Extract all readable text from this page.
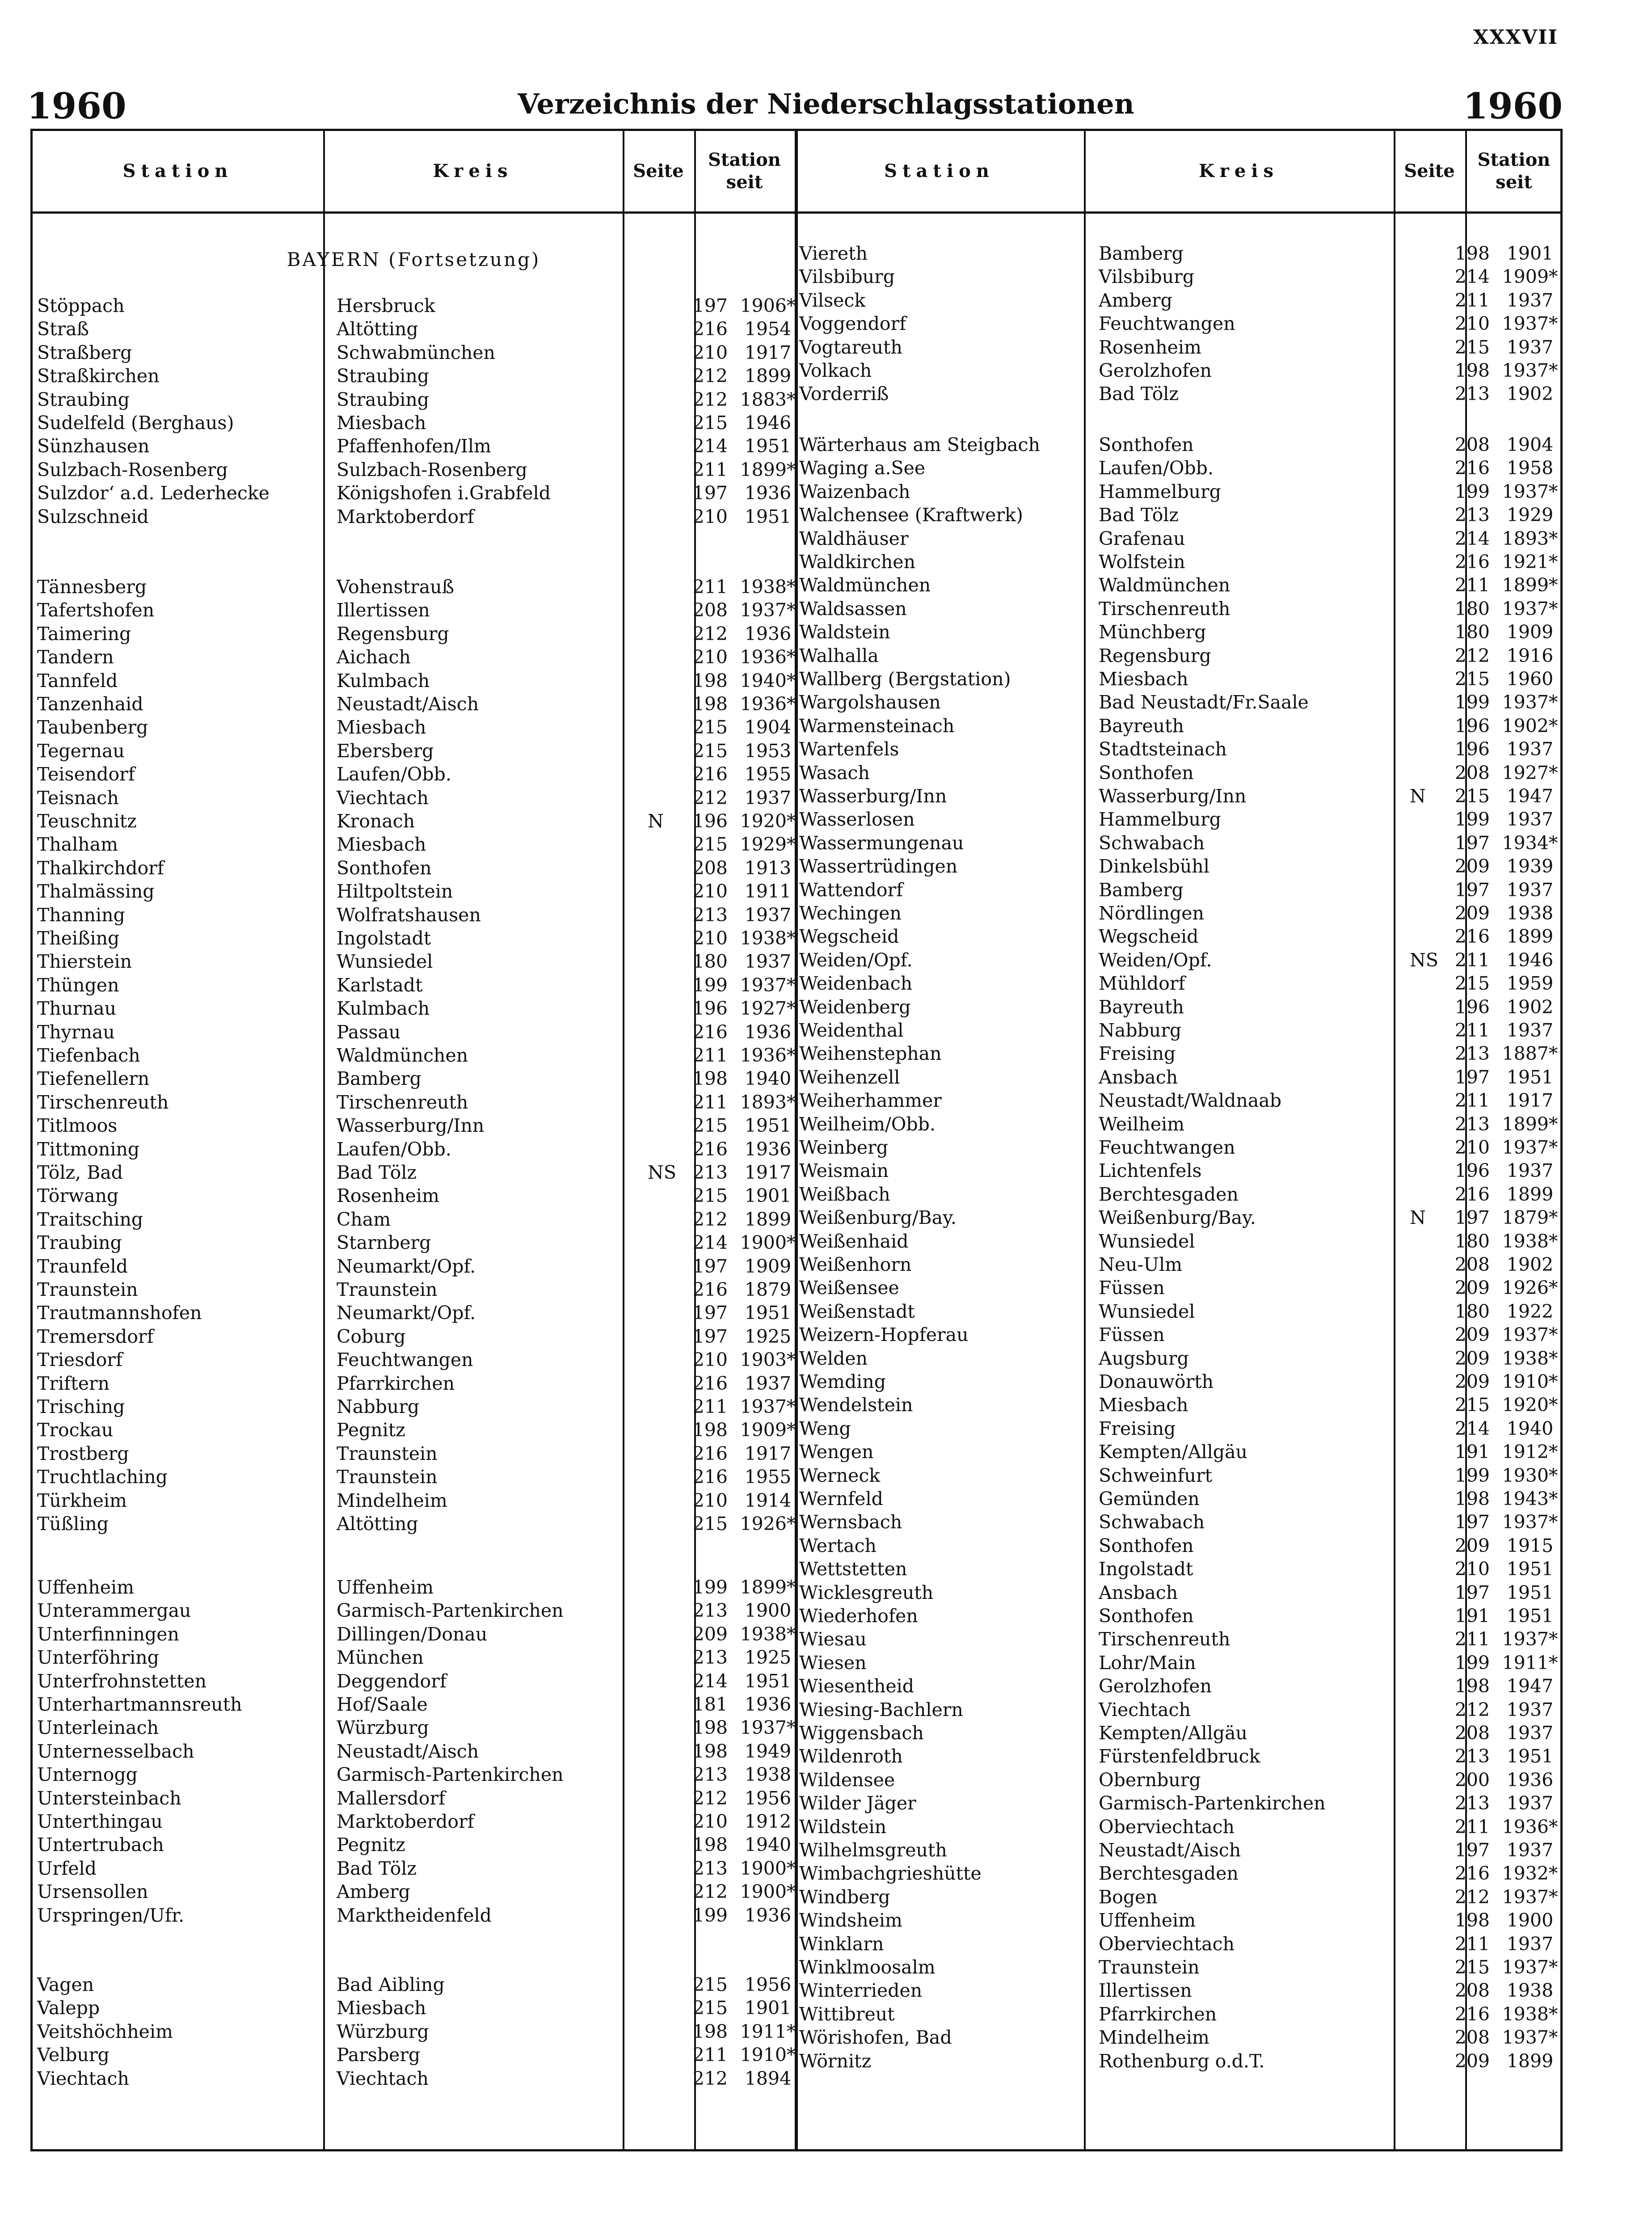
XXXVII
1960	Verzeichnis der Niederschlagsstationen	1960
Station	Kreis	Seite
Station
seit
Station	Kreis	Seite
Station
seit
BAYERN (Fortsetzung)
Stöppach	Hersbruck	197 1906*
Straß	Altötting	216 1954
Straßberg	Schwabmünchen	210 1917
Straßkirchen	Straubing	212 1899
Straubing	Straubing	212 1883*
Sudelfeld (Berghaus)	Miesbach	215 1946
Sünzhausen	Pfaffenhofen/Ilm	214 1951
Sulzbach-Rosenberg	Sulzbach-Rosenberg	211 1899*
Sulzdor‘ a.d. Lederhecke	Königshofen i.Grabfeld	197 1936
Sulzschneid	Marktoberdorf	210 1951
Tännesberg	Vohenstrauß	211 1938*
Tafertshofen	Illertissen	208 1937*
Taimering	Regensburg	212 1936
Tandern	Aichach	210 1936*
Tannfeld	Kulmbach	198 1940*
Tanzenhaid	Neustadt/Aisch	198 1936*
Taubenberg	Miesbach	215 1904
Tegernau	Ebersberg	215 1953
Teisendorf	Laufen/Obb.	216 1955
Teisnach	Viechtach	212 1937
Teuschnitz	Kronach	N	196 1920*
Thalham	Miesbach	215 1929*
Thalkirchdorf	Sonthofen	208 1913
Thalmässing	Hiltpoltstein	210 1911
Thanning	Wolfratshausen	213 1937
Theißing	Ingolstadt	210 1938*
Thierstein	Wunsiedel	180 1937
Thüngen	Karlstadt	199 1937*
Thurnau	Kulmbach	196 1927*
Thyrnau	Passau	216 1936
Tiefenbach	Waldmünchen	211 1936*
Tiefenellern	Bamberg	198 1940
Tirschenreuth	Tirschenreuth	211 1893*
Titlmoos	Wasserburg/Inn	215 1951
Tittmoning	Laufen/Obb.	216 1936
Tölz, Bad	Bad Tölz	NS 213 1917
Törwang	Rosenheim	215 1901
Traitsching	Cham	212 1899
Traubing	Starnberg	214 1900*
Traunfeld	Neumarkt/Opf.	197 1909
Traunstein	Traunstein	216 1879
Trautmannshofen	Neumarkt/Opf.	197 1951
Tremersdorf	Coburg	197 1925
Triesdorf	Feuchtwangen	210 1903*
Triftern	Pfarrkirchen	216 1937
Trisching	Nabburg	211 1937*
Trockau	Pegnitz	198 1909*
Trostberg	Traunstein	216 1917
Truchtlaching	Traunstein	216 1955
Türkheim	Mindelheim	210 1914
Tüßling	Altötting	215 1926*
Uffenheim	Uffenheim	199 1899*
Unterammergau	Garmisch-Partenkirchen	213 1900
Unterfinningen	Dillingen/Donau	209 1938*
Unterföhring	München	213 1925
Unterfrohnstetten	Deggendorf	214 1951
Unterhartmannsreuth	Hof/Saale	181 1936
Unterleinach	Würzburg	198 1937*
Unternesselbach	Neustadt/Aisch	198 1949
Unternogg	Garmisch-Partenkirchen	213 1938
Untersteinbach	Mallersdorf	212 1956
Unterthingau	Marktoberdorf	210 1912
Untertrubach	Pegnitz	198 1940
Urfeld	Bad Tölz	213 1900*
Ursensollen	Amberg	212 1900*
Urspringen/Ufr.	Marktheidenfeld	199 1936
Vagen	Bad Aibling	215 1956
Valepp	Miesbach	215 1901
Veitshöchheim	Würzburg	198 1911*
Velburg	Parsberg	211 1910*
Viechtach	Viechtach	212 1894
Viereth	Bamberg	198 1901
Vilsbiburg	Vilsbiburg	214 1909*
Vilseck	Amberg	211 1937
Voggendorf	Feuchtwangen	210 1937*
Vogtareuth	Rosenheim	215 1937
Volkach	Gerolzhofen	198 1937*
Vorderriß	Bad Tölz	213 1902
Wärterhaus am Steigbach	Sonthofen	208 1904
Waging a.See	Laufen/Obb.	216 1958
Waizenbach	Hammelburg	199 1937*
Walchensee (Kraftwerk)	Bad Tölz	213 1929
Waldhäuser	Grafenau	214 1893*
Waldkirchen	Wolfstein	216 1921*
Waldmünchen	Waldmünchen	211 1899*
Waldsassen	Tirschenreuth	180 1937*
Waldstein	Münchberg	180 1909
Walhalla	Regensburg	212 1916
Wallberg (Bergstation)	Miesbach	215 1960
Wargolshausen	Bad Neustadt/Fr.Saale	199 1937*
Warmensteinach	Bayreuth	196 1902*
Wartenfels	Stadtsteinach	196 1937
Wasach	Sonthofen	208 1927*
Wasserburg/Inn	Wasserburg/Inn	N	215 1947
Wasserlosen	Hammelburg	199 1937
Wassermungenau	Schwabach	197 1934*
Wassertrüdingen	Dinkelsbühl	209 1939
Wattendorf	Bamberg	197 1937
Wechingen	Nördlingen	209 1938
Wegscheid	Wegscheid	216 1899
Weiden/Opf.	Weiden/Opf.	NS 211 1946
Weidenbach	Mühldorf	215 1959
Weidenberg	Bayreuth	196 1902
Weidenthal	Nabburg	211 1937
Weihenstephan	Freising	213 1887*
Weihenzell	Ansbach	197 1951
Weiherhammer	Neustadt/Waldnaab	211 1917
Weilheim/Obb.	Weilheim	213 1899*
Weinberg	Feuchtwangen	210 1937*
Weismain	Lichtenfels	196 1937
Weißbach	Berchtesgaden	216 1899
Weißenburg/Bay.	Weißenburg/Bay.	N	197 1879*
Weißenhaid	Wunsiedel	180 1938*
Weißenhorn	Neu-Ulm	208 1902
Weißensee	Füssen	209 1926*
Weißenstadt	Wunsiedel	180 1922
Weizern-Hopferau	Füssen	209 1937*
Welden	Augsburg	209 1938*
Wemding	Donauwörth	209 1910*
Wendelstein	Miesbach	215 1920*
Weng	Freising	214 1940
Wengen	Kempten/Allgäu	191 1912*
Werneck	Schweinfurt	199 1930*
Wernfeld	Gemünden	198 1943*
Wernsbach	Schwabach	197 1937*
Wertach	Sonthofen	209 1915
Wettstetten	Ingolstadt	210 1951
Wicklesgreuth	Ansbach	197 1951
Wiederhofen	Sonthofen	191 1951
Wiesau	Tirschenreuth	211 1937*
Wiesen	Lohr/Main	199 1911*
Wiesentheid	Gerolzhofen	198 1947
Wiesing-Bachlern	Viechtach	212 1937
Wiggensbach	Kempten/Allgäu	208 1937
Wildenroth	Fürstenfeldbruck	213 1951
Wildensee	Obernburg	200 1936
Wilder Jäger	Garmisch-Partenkirchen	213 1937
Wildstein	Oberviechtach	211 1936*
Wilhelmsgreuth	Neustadt/Aisch	197 1937
Wimbachgrieshütte	Berchtesgaden	216 1932*
Windberg	Bogen	212 1937*
Windsheim	Uffenheim	198 1900
Winklarn	Oberviechtach	211 1937
Winklmoosalm	Traunstein	215 1937*
Winterrieden	Illertissen	208 1938
Wittibreut	Pfarrkirchen	216 1938*
Wörishofen, Bad	Mindelheim	208 1937*
Wörnitz	Rothenburg o.d.T.	209 1899
